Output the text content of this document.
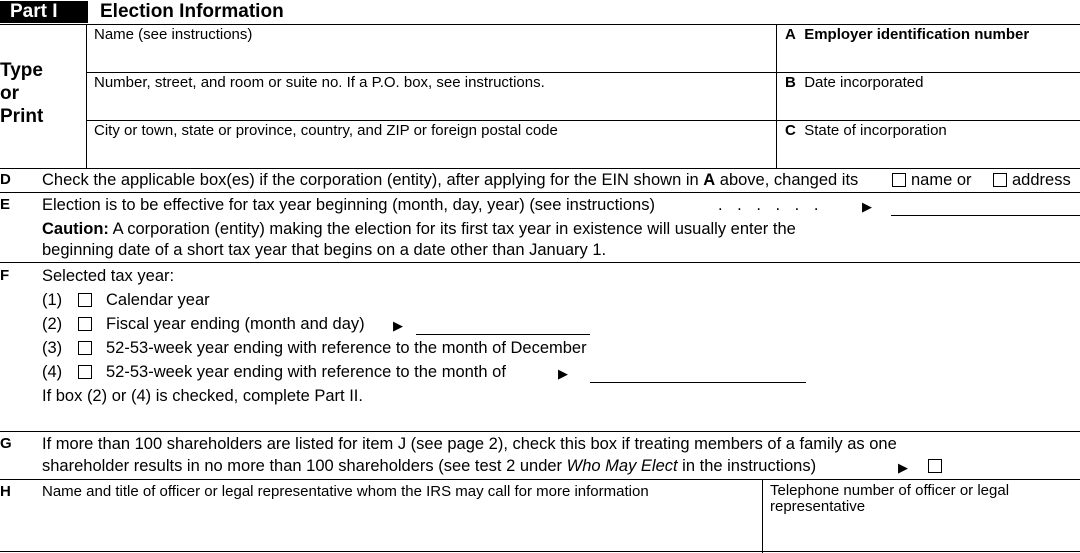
Part I Election Information
Type
or
Print
Name (see instructions)
Number, street, and room or suite no. If a P.O. box, see instructions.
City or town, state or province, country, and ZIP or foreign postal code
A Employer identification number
B Date incorporated
C State of incorporation
D Check the applicable box(es) if the corporation (entity), after applying for the EIN shown in A above, changed its	name or address
E Election is to be effective for tax year beginning (month, day, year) (see instructions)	. . . . . .	▶
Caution: A corporation (entity) making the election for its first tax year in existence will usually enter the
beginning date of a short tax year that begins on a date other than January 1.
F Selected tax year:
(1)	Calendar year
(2)	Fiscal year ending (month and day) ▶
(3)	52-53-week year ending with reference to the month of December
(4)	52-53-week year ending with reference to the month of	▶
If box (2) or (4) is checked, complete Part II.
G If more than 100 shareholders are listed for item J (see page 2), check this box if treating members of a family as one
shareholder results in no more than 100 shareholders (see test 2 under Who May Elect in the instructions)	▶
H Name and title of officer or legal representative whom the IRS may call for more information	Telephone number of officer or legal
representative
